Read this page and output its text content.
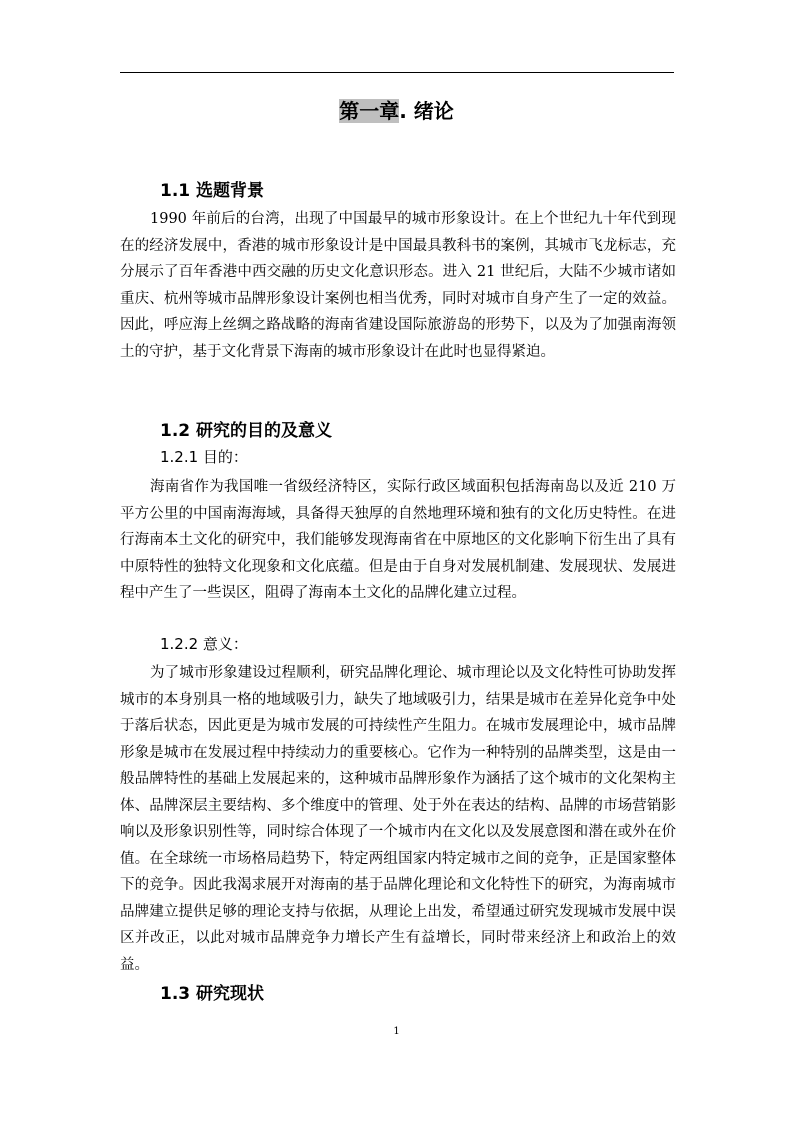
第一章. 绪论
1.1 选题背景

1990 年前后的台湾，出现了中国最早的城市形象设计。在上个世纪九十年代到现在的经济发展中，香港的城市形象设计是中国最具教科书的案例，其城市飞龙标志，充分展示了百年香港中西交融的历史文化意识形态。进入 21 世纪后，大陆不少城市诸如重庆、杭州等城市品牌形象设计案例也相当优秀，同时对城市自身产生了一定的效益。因此，呼应海上丝绸之路战略的海南省建设国际旅游岛的形势下，以及为了加强南海领土的守护，基于文化背景下海南的城市形象设计在此时也显得紧迫。

1.2 研究的目的及意义
1.2.1 目的：

海南省作为我国唯一省级经济特区，实际行政区域面积包括海南岛以及近 210 万平方公里的中国南海海域，具备得天独厚的自然地理环境和独有的文化历史特性。在进行海南本土文化的研究中，我们能够发现海南省在中原地区的文化影响下衍生出了具有中原特性的独特文化现象和文化底蕴。但是由于自身对发展机制建、发展现状、发展进程中产生了一些误区，阻碍了海南本土文化的品牌化建立过程。

1.2.2 意义：

为了城市形象建设过程顺利，研究品牌化理论、城市理论以及文化特性可协助发挥城市的本身别具一格的地域吸引力，缺失了地域吸引力，结果是城市在差异化竞争中处于落后状态，因此更是为城市发展的可持续性产生阻力。在城市发展理论中，城市品牌形象是城市在发展过程中持续动力的重要核心。它作为一种特别的品牌类型，这是由一般品牌特性的基础上发展起来的，这种城市品牌形象作为涵括了这个城市的文化架构主体、品牌深层主要结构、多个维度中的管理、处于外在表达的结构、品牌的市场营销影响以及形象识别性等，同时综合体现了一个城市内在文化以及发展意图和潜在或外在价值。在全球统一市场格局趋势下，特定两组国家内特定城市之间的竞争，正是国家整体下的竞争。因此我渴求展开对海南的基于品牌化理论和文化特性下的研究，为海南城市品牌建立提供足够的理论支持与依据，从理论上出发，希望通过研究发现城市发展中误区并改正，以此对城市品牌竞争力增长产生有益增长，同时带来经济上和政治上的效益。

1.3 研究现状
1
